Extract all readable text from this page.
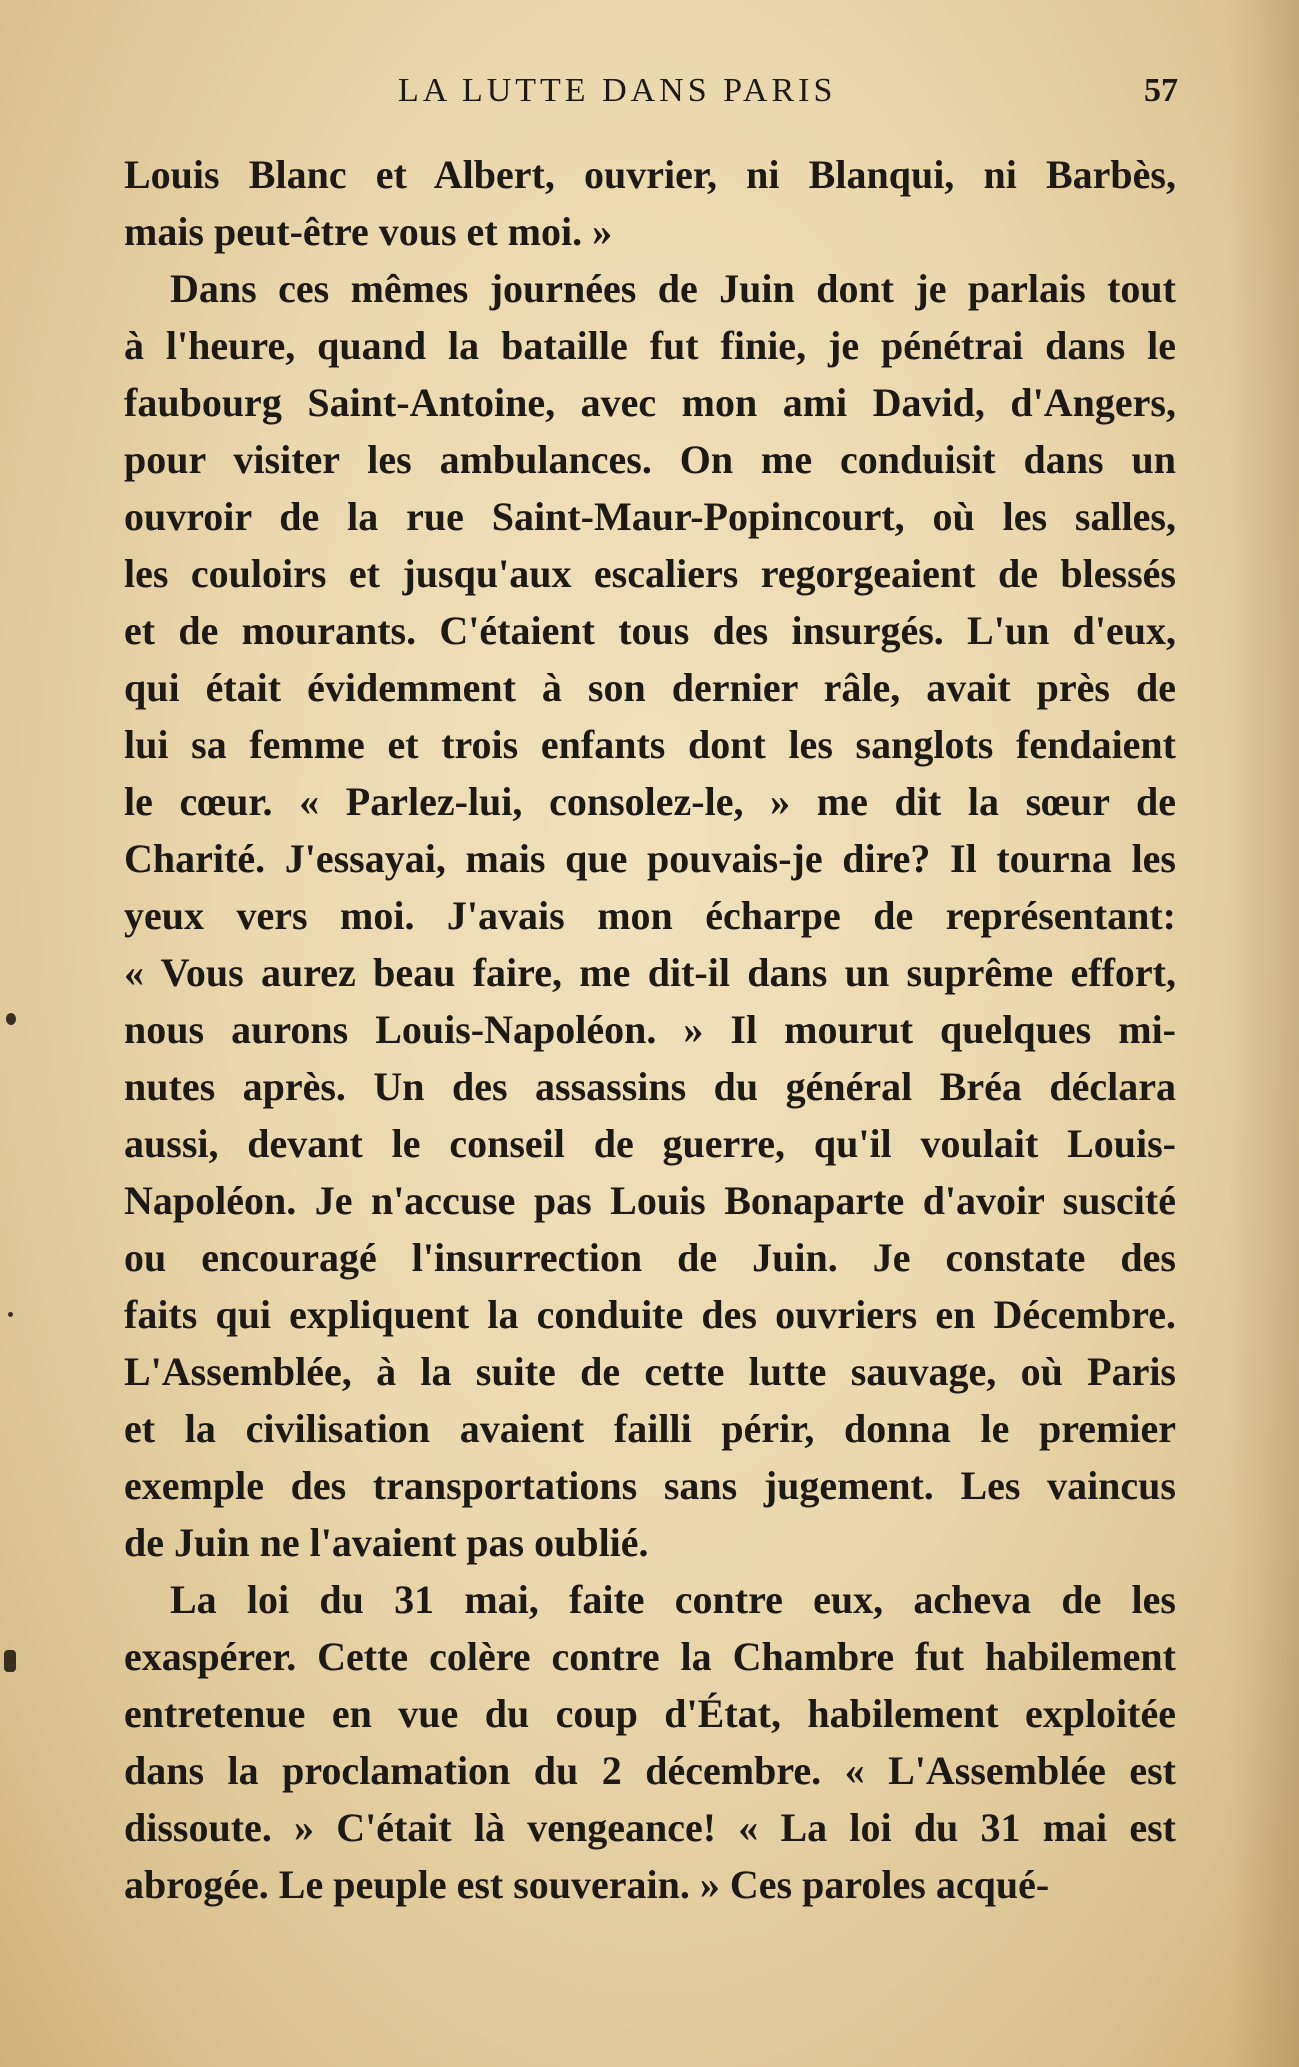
LA LUTTE DANS PARIS	57
Louis Blanc et Albert, ouvrier, ni Blanqui, ni Barbès,
mais peut-être vous et moi. »
Dans ces mêmes journées de Juin dont je parlais tout
à l'heure, quand la bataille fut finie, je pénétrai dans le
faubourg Saint-Antoine, avec mon ami David, d'Angers,
pour visiter les ambulances. On me conduisit dans un
ouvroir de la rue Saint-Maur-Popincourt, où les salles,
les couloirs et jusqu'aux escaliers regorgeaient de blessés
et de mourants. C'étaient tous des insurgés. L'un d'eux,
qui était évidemment à son dernier râle, avait près de
lui sa femme et trois enfants dont les sanglots fendaient
le cœur. « Parlez-lui, consolez-le, » me dit la sœur de
Charité. J'essayai, mais que pouvais-je dire? Il tourna les
yeux vers moi. J'avais mon écharpe de représentant:
« Vous aurez beau faire, me dit-il dans un suprême effort,
nous aurons Louis-Napoléon. » Il mourut quelques mi-
nutes après. Un des assassins du général Bréa déclara
aussi, devant le conseil de guerre, qu'il voulait Louis-
Napoléon. Je n'accuse pas Louis Bonaparte d'avoir suscité
ou encouragé l'insurrection de Juin. Je constate des
faits qui expliquent la conduite des ouvriers en Décembre.
L'Assemblée, à la suite de cette lutte sauvage, où Paris
et la civilisation avaient failli périr, donna le premier
exemple des transportations sans jugement. Les vaincus
de Juin ne l'avaient pas oublié.
La loi du 31 mai, faite contre eux, acheva de les
exaspérer. Cette colère contre la Chambre fut habilement
entretenue en vue du coup d'État, habilement exploitée
dans la proclamation du 2 décembre. « L'Assemblée est
dissoute. » C'était là vengeance! « La loi du 31 mai est
abrogée. Le peuple est souverain. » Ces paroles acqué-
